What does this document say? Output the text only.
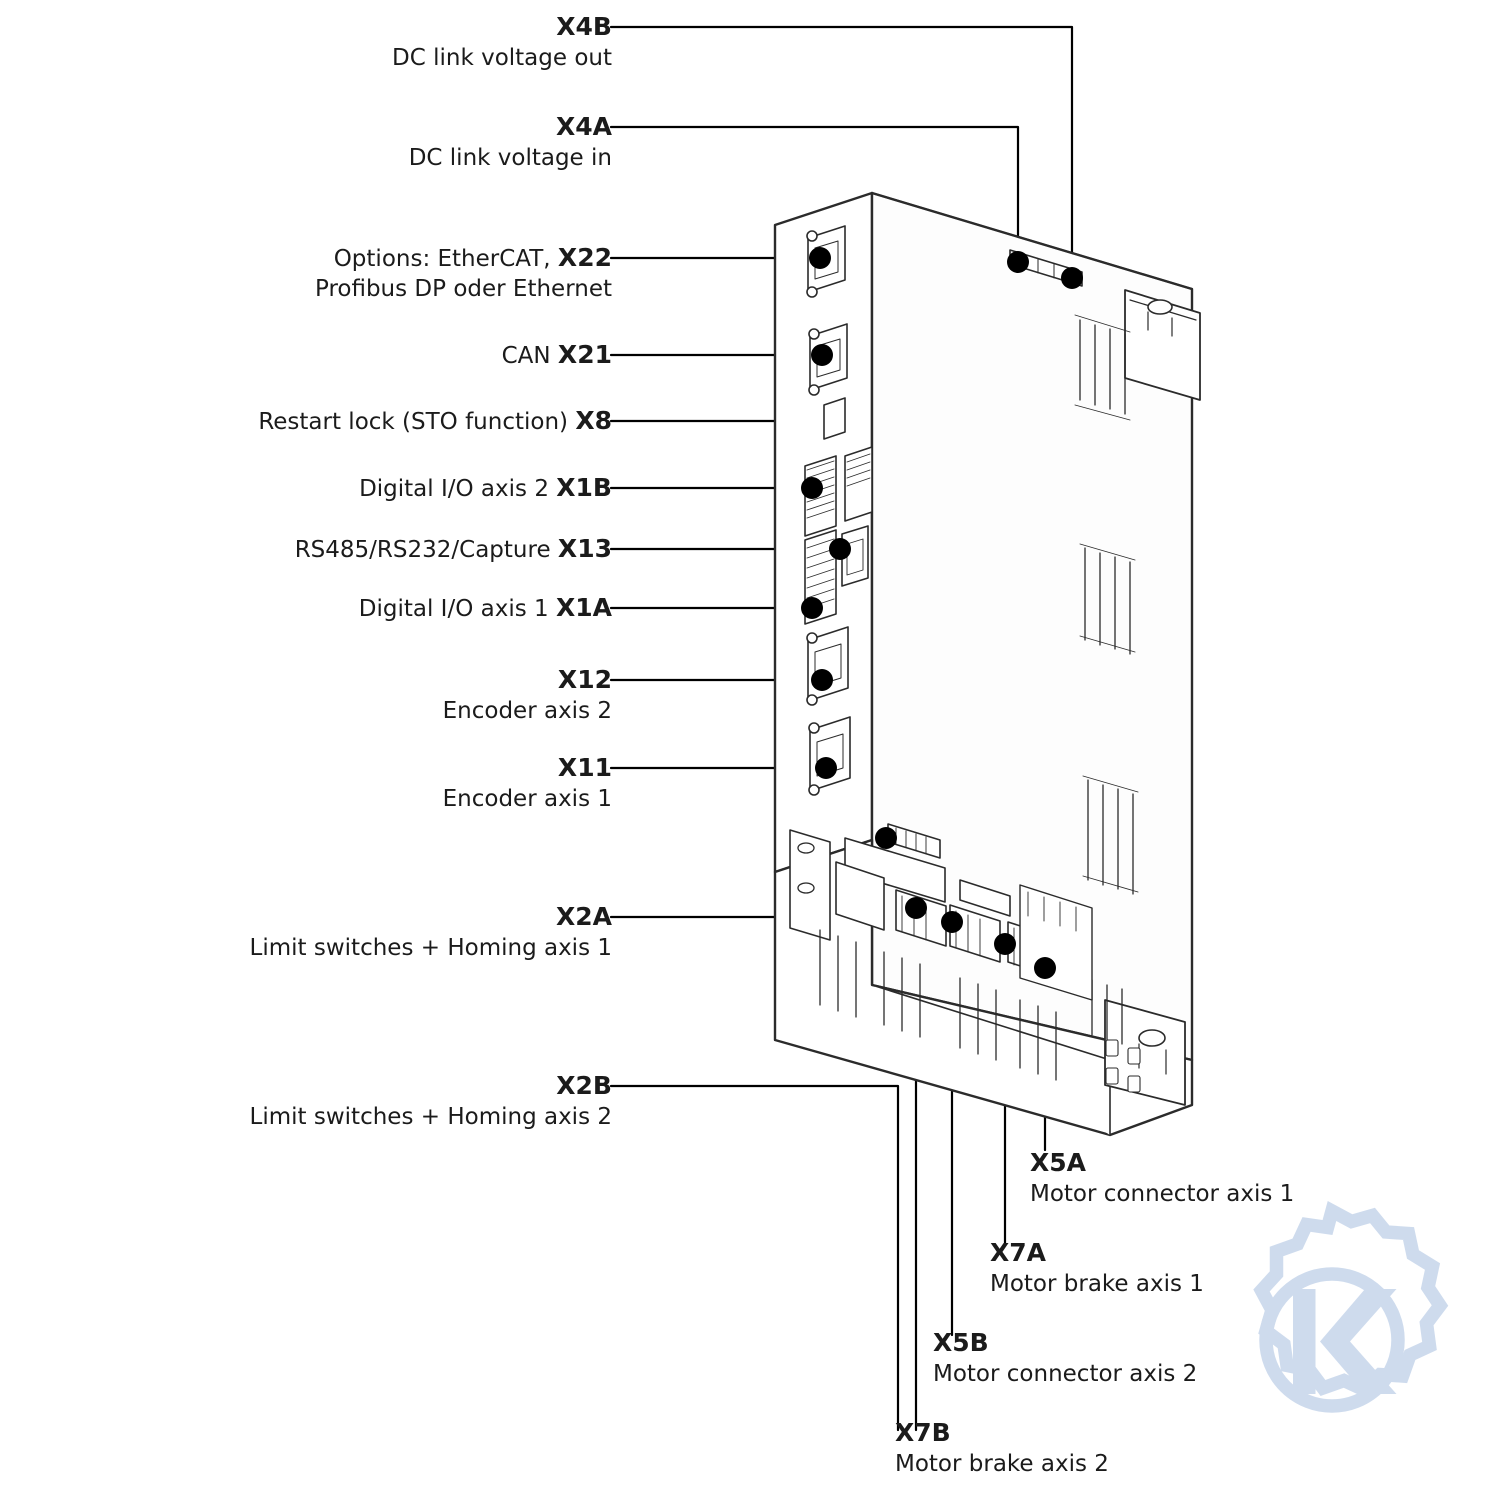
X4B
DC link voltage out
X4A
DC link voltage in
Options: EtherCAT, X22
Profibus DP oder Ethernet
CAN X21
Restart lock (STO function) X8
Digital I/O axis 2 X1B
RS485/RS232/Capture X13
Digital I/O axis 1 X1A
X12
Encoder axis 2
X11
Encoder axis 1
X2A
Limit switches + Homing axis 1
X2B
Limit switches + Homing axis 2
X5A
Motor connector axis 1
X7A
Motor brake axis 1
X5B
Motor connector axis 2
X7B
Motor brake axis 2
